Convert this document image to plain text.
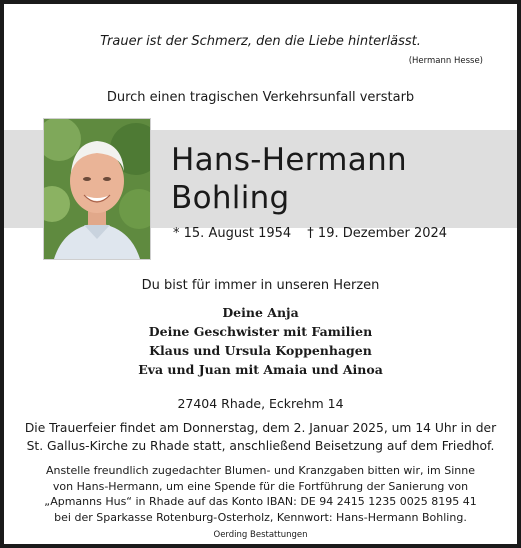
Trauer ist der Schmerz, den die Liebe hinterlässt.
(Hermann Hesse)
Durch einen tragischen Verkehrsunfall verstarb
Hans-Hermann
Bohling
* 15. August 1954 † 19. Dezember 2024
Du bist für immer in unseren Herzen
Deine Anja
Deine Geschwister mit Familien
Klaus und Ursula Koppenhagen
Eva und Juan mit Amaia und Ainoa
27404 Rhade, Eckrehm 14
Die Trauerfeier findet am Donnerstag, dem 2. Januar 2025, um 14 Uhr in der
St. Gallus-Kirche zu Rhade statt, anschließend Beisetzung auf dem Friedhof.
Anstelle freundlich zugedachter Blumen- und Kranzgaben bitten wir, im Sinne
von Hans-Hermann, um eine Spende für die Fortführung der Sanierung von
„Apmanns Hus“ in Rhade auf das Konto IBAN: DE 94 2415 1235 0025 8195 41
bei der Sparkasse Rotenburg-Osterholz, Kennwort: Hans-Hermann Bohling.
Oerding Bestattungen
